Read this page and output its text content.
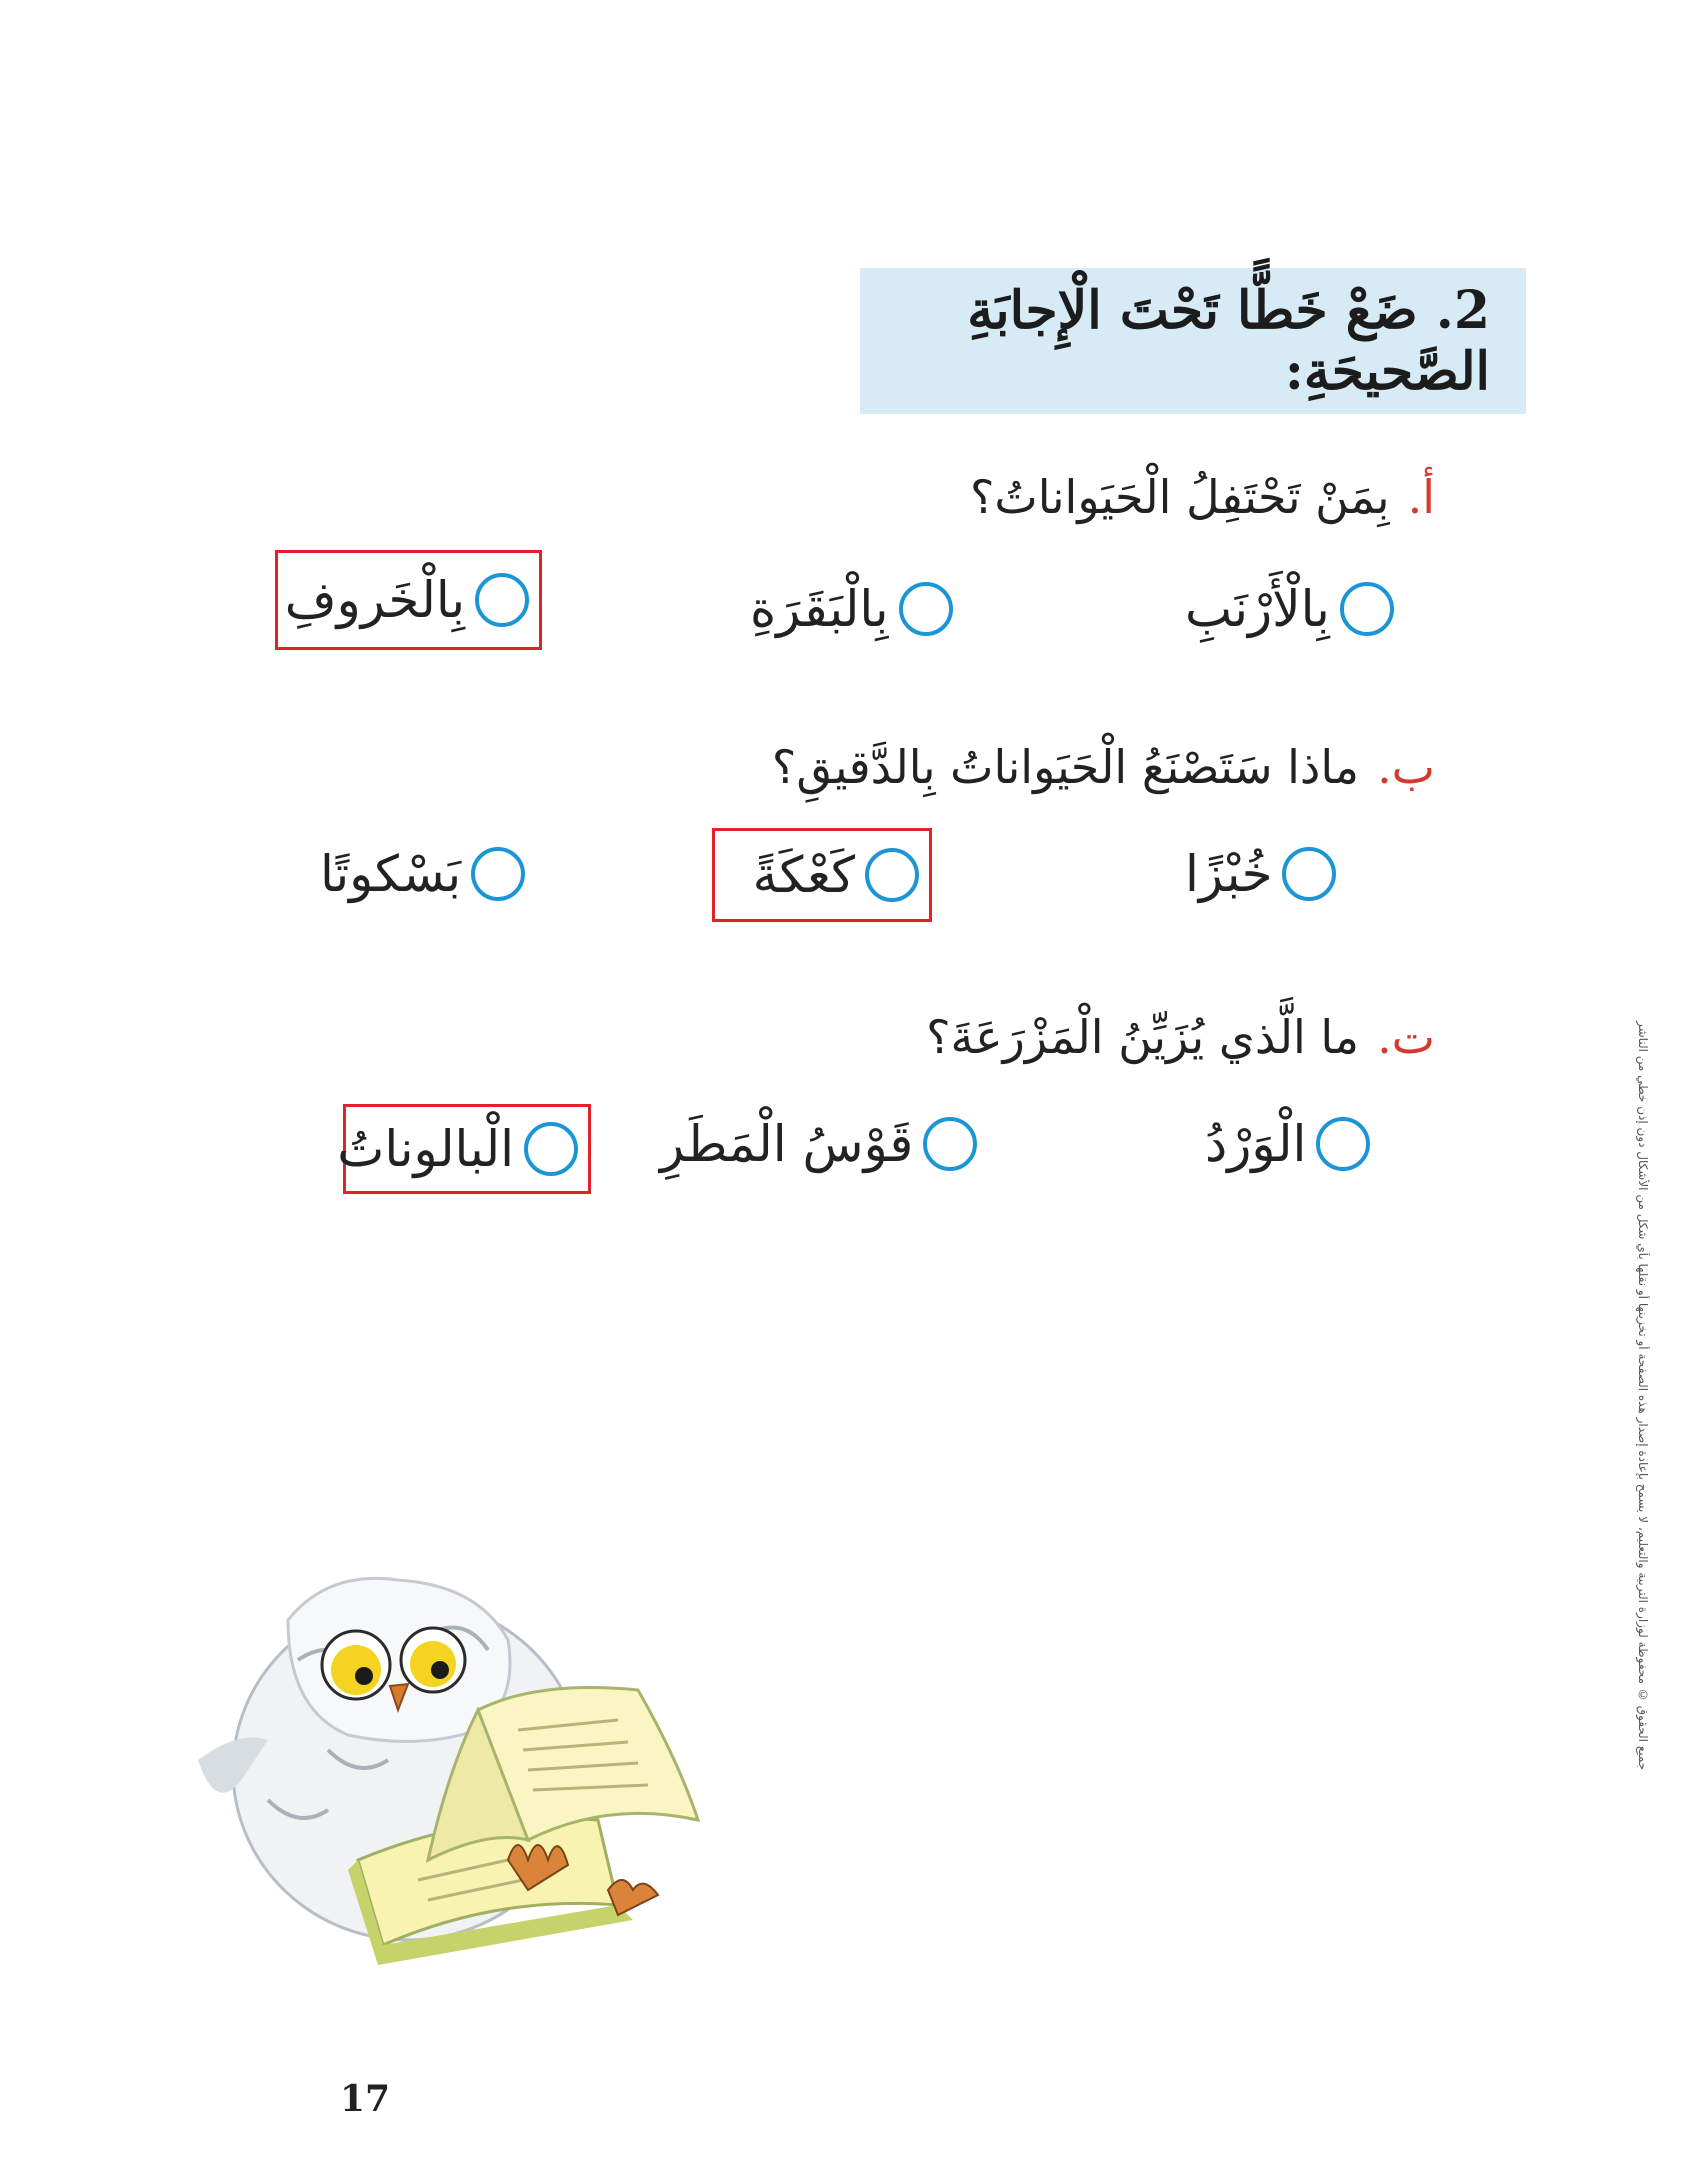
2. ضَعْ خَطًّا تَحْتَ الْإِجابَةِ الصَّحيحَةِ:
أ.بِمَنْ تَحْتَفِلُ الْحَيَواناتُ؟
بِالْأَرْنَبِ
بِالْبَقَرَةِ
بِالْخَروفِ
ب.ماذا سَتَصْنَعُ الْحَيَواناتُ بِالدَّقيقِ؟
خُبْزًا
كَعْكَةً
بَسْكوتًا
ت.ما الَّذي يُزَيِّنُ الْمَزْرَعَةَ؟
الْوَرْدُ
قَوْسُ الْمَطَرِ
الْبالوناتُ	جميع الحقوق © محفوظة لوزارة التربية والتعليم، لا يسمح بإعادة إصدار هذه الصفحة أو تخزينها أو نقلها بأي شكل من الأشكال دون إذن خطي من الناشر
17
